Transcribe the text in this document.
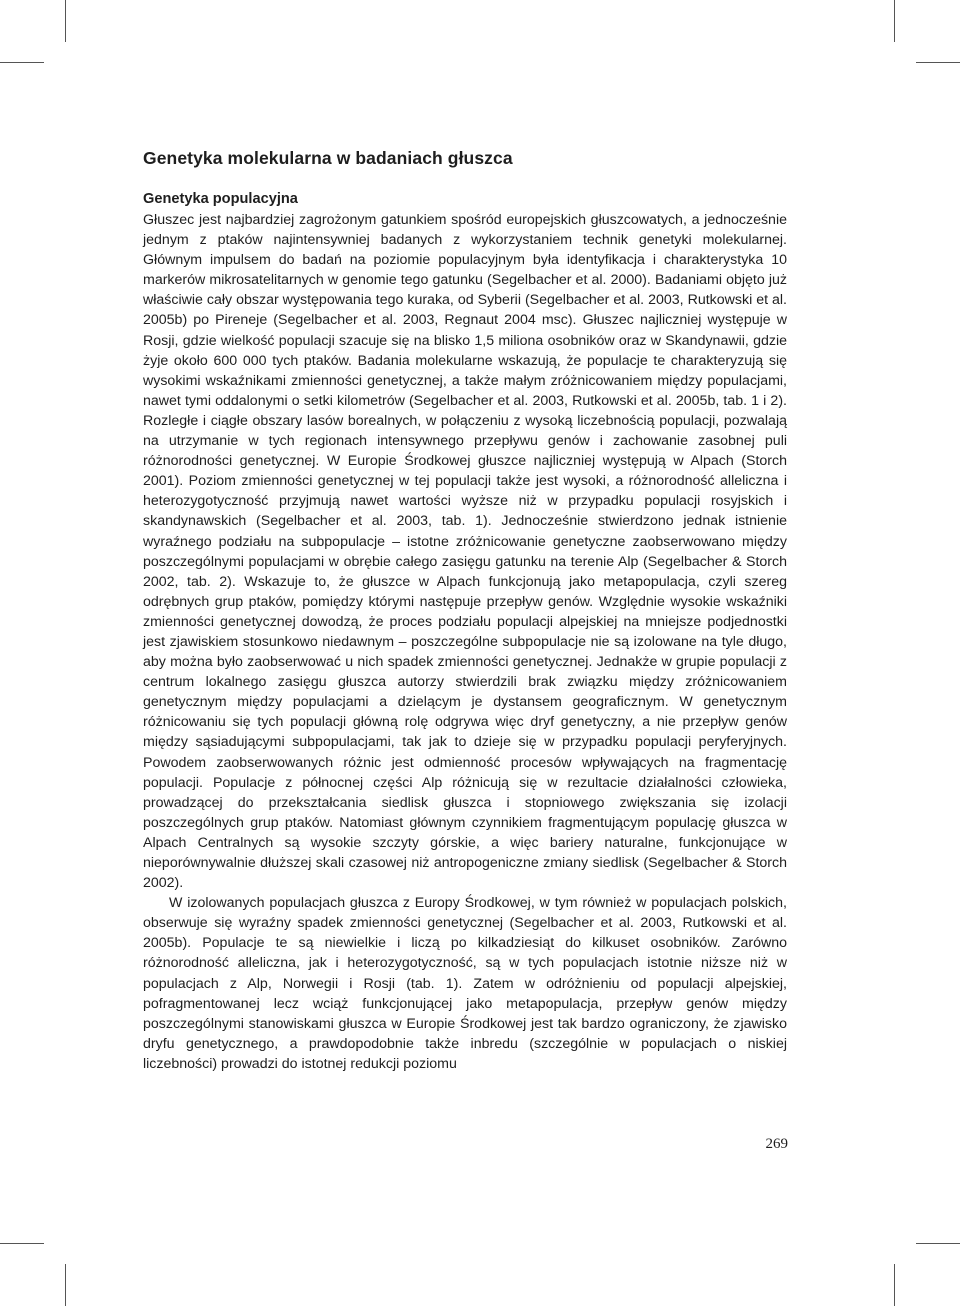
Genetyka molekularna w badaniach głuszca
Genetyka populacyjna

Głuszec jest najbardziej zagrożonym gatunkiem spośród europejskich głuszcowatych, a jednocześnie jednym z ptaków najintensywniej badanych z wykorzystaniem technik genetyki molekularnej. Głównym impulsem do badań na poziomie populacyjnym była identyfikacja i charakterystyka 10 markerów mikrosatelitarnych w genomie tego gatunku (Segelbacher et al. 2000). Badaniami objęto już właściwie cały obszar występowania tego kuraka, od Syberii (Segelbacher et al. 2003, Rutkowski et al. 2005b) po Pireneje (Segelbacher et al. 2003, Regnaut 2004 msc). Głuszec najliczniej występuje w Rosji, gdzie wielkość populacji szacuje się na blisko 1,5 miliona osobników oraz w Skandynawii, gdzie żyje około 600 000 tych ptaków. Badania molekularne wskazują, że populacje te charakteryzują się wysokimi wskaźnikami zmienności genetycznej, a także małym zróżnicowaniem między populacjami, nawet tymi oddalonymi o setki kilometrów (Segelbacher et al. 2003, Rutkowski et al. 2005b, tab. 1 i 2). Rozległe i ciągłe obszary lasów borealnych, w połączeniu z wysoką liczebnością populacji, pozwalają na utrzymanie w tych regionach intensywnego przepływu genów i zachowanie zasobnej puli różnorodności genetycznej. W Europie Środkowej głuszce najliczniej występują w Alpach (Storch 2001). Poziom zmienności genetycznej w tej populacji także jest wysoki, a różnorodność alleliczna i heterozygotyczność przyjmują nawet wartości wyższe niż w przypadku populacji rosyjskich i skandynawskich (Segelbacher et al. 2003, tab. 1). Jednocześnie stwierdzono jednak istnienie wyraźnego podziału na subpopulacje – istotne zróżnicowanie genetyczne zaobserwowano między poszczególnymi populacjami w obrębie całego zasięgu gatunku na terenie Alp (Segelbacher & Storch 2002, tab. 2). Wskazuje to, że głuszce w Alpach funkcjonują jako metapopulacja, czyli szereg odrębnych grup ptaków, pomiędzy którymi następuje przepływ genów. Względnie wysokie wskaźniki zmienności genetycznej dowodzą, że proces podziału populacji alpejskiej na mniejsze podjednostki jest zjawiskiem stosunkowo niedawnym – poszczególne subpopulacje nie są izolowane na tyle długo, aby można było zaobserwować u nich spadek zmienności genetycznej. Jednakże w grupie populacji z centrum lokalnego zasięgu głuszca autorzy stwierdzili brak związku między zróżnicowaniem genetycznym między populacjami a dzielącym je dystansem geograficznym. W genetycznym różnicowaniu się tych populacji główną rolę odgrywa więc dryf genetyczny, a nie przepływ genów między sąsiadującymi subpopulacjami, tak jak to dzieje się w przypadku populacji peryferyjnych. Powodem zaobserwowanych różnic jest odmienność procesów wpływających na fragmentację populacji. Populacje z północnej części Alp różnicują się w rezultacie działalności człowieka, prowadzącej do przekształcania siedlisk głuszca i stopniowego zwiększania się izolacji poszczególnych grup ptaków. Natomiast głównym czynnikiem fragmentującym populację głuszca w Alpach Centralnych są wysokie szczyty górskie, a więc bariery naturalne, funkcjonujące w nieporównywalnie dłuższej skali czasowej niż antropogeniczne zmiany siedlisk (Segelbacher & Storch 2002).

W izolowanych populacjach głuszca z Europy Środkowej, w tym również w populacjach polskich, obserwuje się wyraźny spadek zmienności genetycznej (Segelbacher et al. 2003, Rutkowski et al. 2005b). Populacje te są niewielkie i liczą po kilkadziesiąt do kilkuset osobników. Zarówno różnorodność alleliczna, jak i heterozygotyczność, są w tych populacjach istotnie niższe niż w populacjach z Alp, Norwegii i Rosji (tab. 1). Zatem w odróżnieniu od populacji alpejskiej, pofragmentowanej lecz wciąż funkcjonującej jako metapopulacja, przepływ genów między poszczególnymi stanowiskami głuszca w Europie Środkowej jest tak bardzo ograniczony, że zjawisko dryfu genetycznego, a prawdopodobnie także inbredu (szczególnie w populacjach o niskiej liczebności) prowadzi do istotnej redukcji poziomu

269
